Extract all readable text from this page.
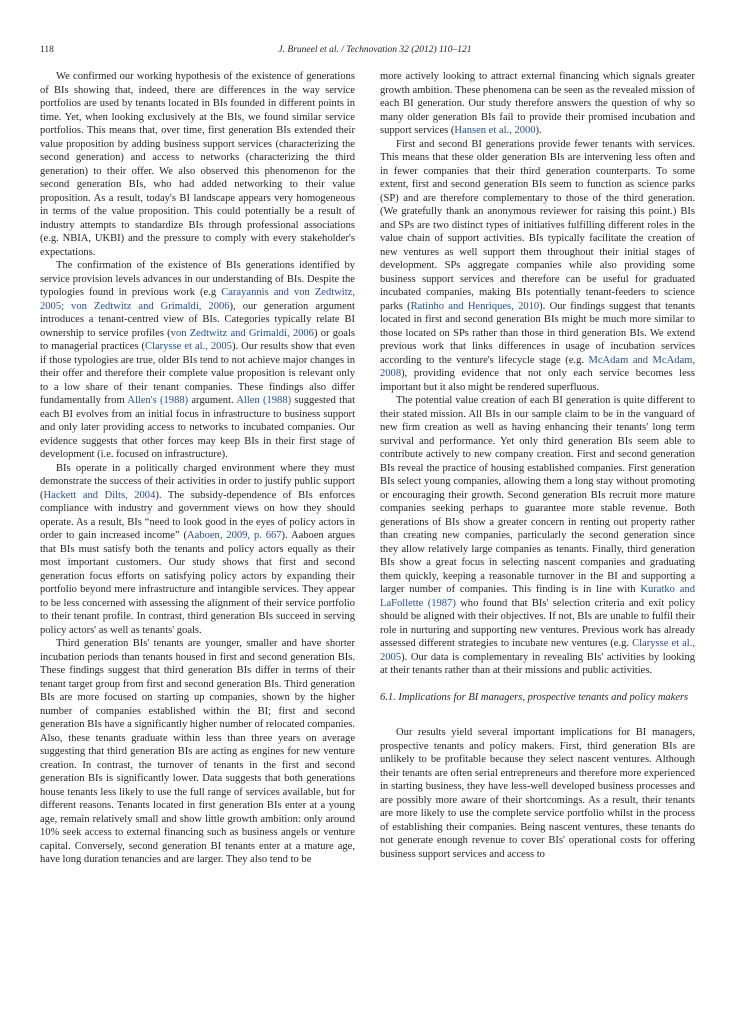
118	J. Bruneel et al. / Technovation 32 (2012) 110–121

We confirmed our working hypothesis of the existence of generations of BIs showing that, indeed, there are differences in the way service portfolios are used by tenants located in BIs founded in different points in time. Yet, when looking exclusively at the BIs, we found similar service portfolios. This means that, over time, first generation BIs extended their value proposition by adding business support services (characterizing the second generation) and access to networks (characterizing the third generation) to their offer. We also observed this phenomenon for the second generation BIs, who had added networking to their value proposition. As a result, today's BI landscape appears very homogeneous in terms of the value proposition. This could potentially be a result of industry attempts to standardize BIs through professional associations (e.g. NBIA, UKBI) and the pressure to comply with every stakeholder's expectations.

The confirmation of the existence of BIs generations identified by service provision levels advances in our understanding of BIs. Despite the typologies found in previous work (e.g Carayannis and von Zedtwitz, 2005; von Zedtwitz and Grimaldi, 2006), our generation argument introduces a tenant-centred view of BIs. Categories typically relate BI ownership to service profiles (von Zedtwitz and Grimaldi, 2006) or goals to managerial practices (Clarysse et al., 2005). Our results show that even if those typologies are true, older BIs tend to not achieve major changes in their offer and therefore their complete value proposition is relevant only to a low share of their tenant companies. These findings also differ fundamentally from Allen's (1988) argument. Allen (1988) suggested that each BI evolves from an initial focus in infrastructure to business support and only later providing access to networks to incubated companies. Our evidence suggests that other forces may keep BIs in their first stage of development (i.e. focused on infrastructure).

BIs operate in a politically charged environment where they must demonstrate the success of their activities in order to justify public support (Hackett and Dilts, 2004). The subsidy-dependence of BIs enforces compliance with industry and government views on how they should operate. As a result, BIs “need to look good in the eyes of policy actors in order to gain increased income” (Aaboen, 2009, p. 667). Aaboen argues that BIs must satisfy both the tenants and policy actors equally as their most important customers. Our study shows that first and second generation focus efforts on satisfying policy actors by expanding their portfolio beyond mere infrastructure and intangible services. They appear to be less concerned with assessing the alignment of their service portfolio to their tenant profile. In contrast, third generation BIs succeed in serving policy actors' as well as tenants' goals.

Third generation BIs' tenants are younger, smaller and have shorter incubation periods than tenants housed in first and second generation BIs. These findings suggest that third generation BIs differ in terms of their tenant target group from first and second generation BIs. Third generation BIs are more focused on starting up companies, shown by the higher number of companies established within the BI; first and second generation BIs have a significantly higher number of relocated companies. Also, these tenants graduate within less than three years on average suggesting that third generation BIs are acting as engines for new venture creation. In contrast, the turnover of tenants in the first and second generation BIs is significantly lower. Data suggests that both generations house tenants less likely to use the full range of services available, but for different reasons. Tenants located in first generation BIs enter at a young age, remain relatively small and show little growth ambition: only around 10% seek access to external financing such as business angels or venture capital. Conversely, second generation BI tenants enter at a mature age, have long duration tenancies and are larger. They also tend to be

more actively looking to attract external financing which signals greater growth ambition. These phenomena can be seen as the revealed mission of each BI generation. Our study therefore answers the question of why so many older generation BIs fail to provide their promised incubation and support services (Hansen et al., 2000).

First and second BI generations provide fewer tenants with services. This means that these older generation BIs are intervening less often and in fewer companies that their third generation counterparts. To some extent, first and second generation BIs seem to function as science parks (SP) and are therefore complementary to those of the third generation. (We gratefully thank an anonymous reviewer for raising this point.) BIs and SPs are two distinct types of initiatives fulfilling different roles in the value chain of support activities. BIs typically facilitate the creation of new ventures as well support them throughout their initial stages of development. SPs aggregate companies while also providing some business support services and therefore can be useful for graduated incubated companies, making BIs potentially tenant-feeders to science parks (Ratinho and Henriques, 2010). Our findings suggest that tenants located in first and second generation BIs might be much more similar to those located on SPs rather than those in third generation BIs. We extend previous work that links differences in usage of incubation services according to the venture's lifecycle stage (e.g. McAdam and McAdam, 2008), providing evidence that not only each service becomes less important but it also might be rendered superfluous.

The potential value creation of each BI generation is quite different to their stated mission. All BIs in our sample claim to be in the vanguard of new firm creation as well as having enhancing their tenants' long term survival and performance. Yet only third generation BIs seem able to contribute actively to new company creation. First and second generation BIs reveal the practice of housing established companies. First generation BIs select young companies, allowing them a long stay without promoting or encouraging their growth. Second generation BIs recruit more mature companies seeking perhaps to guarantee more stable revenue. Both generations of BIs show a greater concern in renting out property rather than creating new companies, particularly the second generation since they allow relatively large companies as tenants. Finally, third generation BIs show a great focus in selecting nascent companies and graduating them quickly, keeping a reasonable turnover in the BI and supporting a larger number of companies. This finding is in line with Kuratko and LaFollette (1987) who found that BIs' selection criteria and exit policy should be aligned with their objectives. If not, BIs are unable to fulfil their role in nurturing and supporting new ventures. Previous work has already assessed different strategies to incubate new ventures (e.g. Clarysse et al., 2005). Our data is complementary in revealing BIs' activities by looking at their tenants rather than at their missions and public activities.

6.1. Implications for BI managers, prospective tenants and policy makers

Our results yield several important implications for BI managers, prospective tenants and policy makers. First, third generation BIs are unlikely to be profitable because they select nascent ventures. Although their tenants are often serial entrepreneurs and therefore more experienced in starting business, they have less-well developed business processes and are possibly more aware of their shortcomings. As a result, their tenants are more likely to use the complete service portfolio whilst in the process of establishing their companies. Being nascent ventures, these tenants do not generate enough revenue to cover BIs' operational costs for offering business support services and access to
